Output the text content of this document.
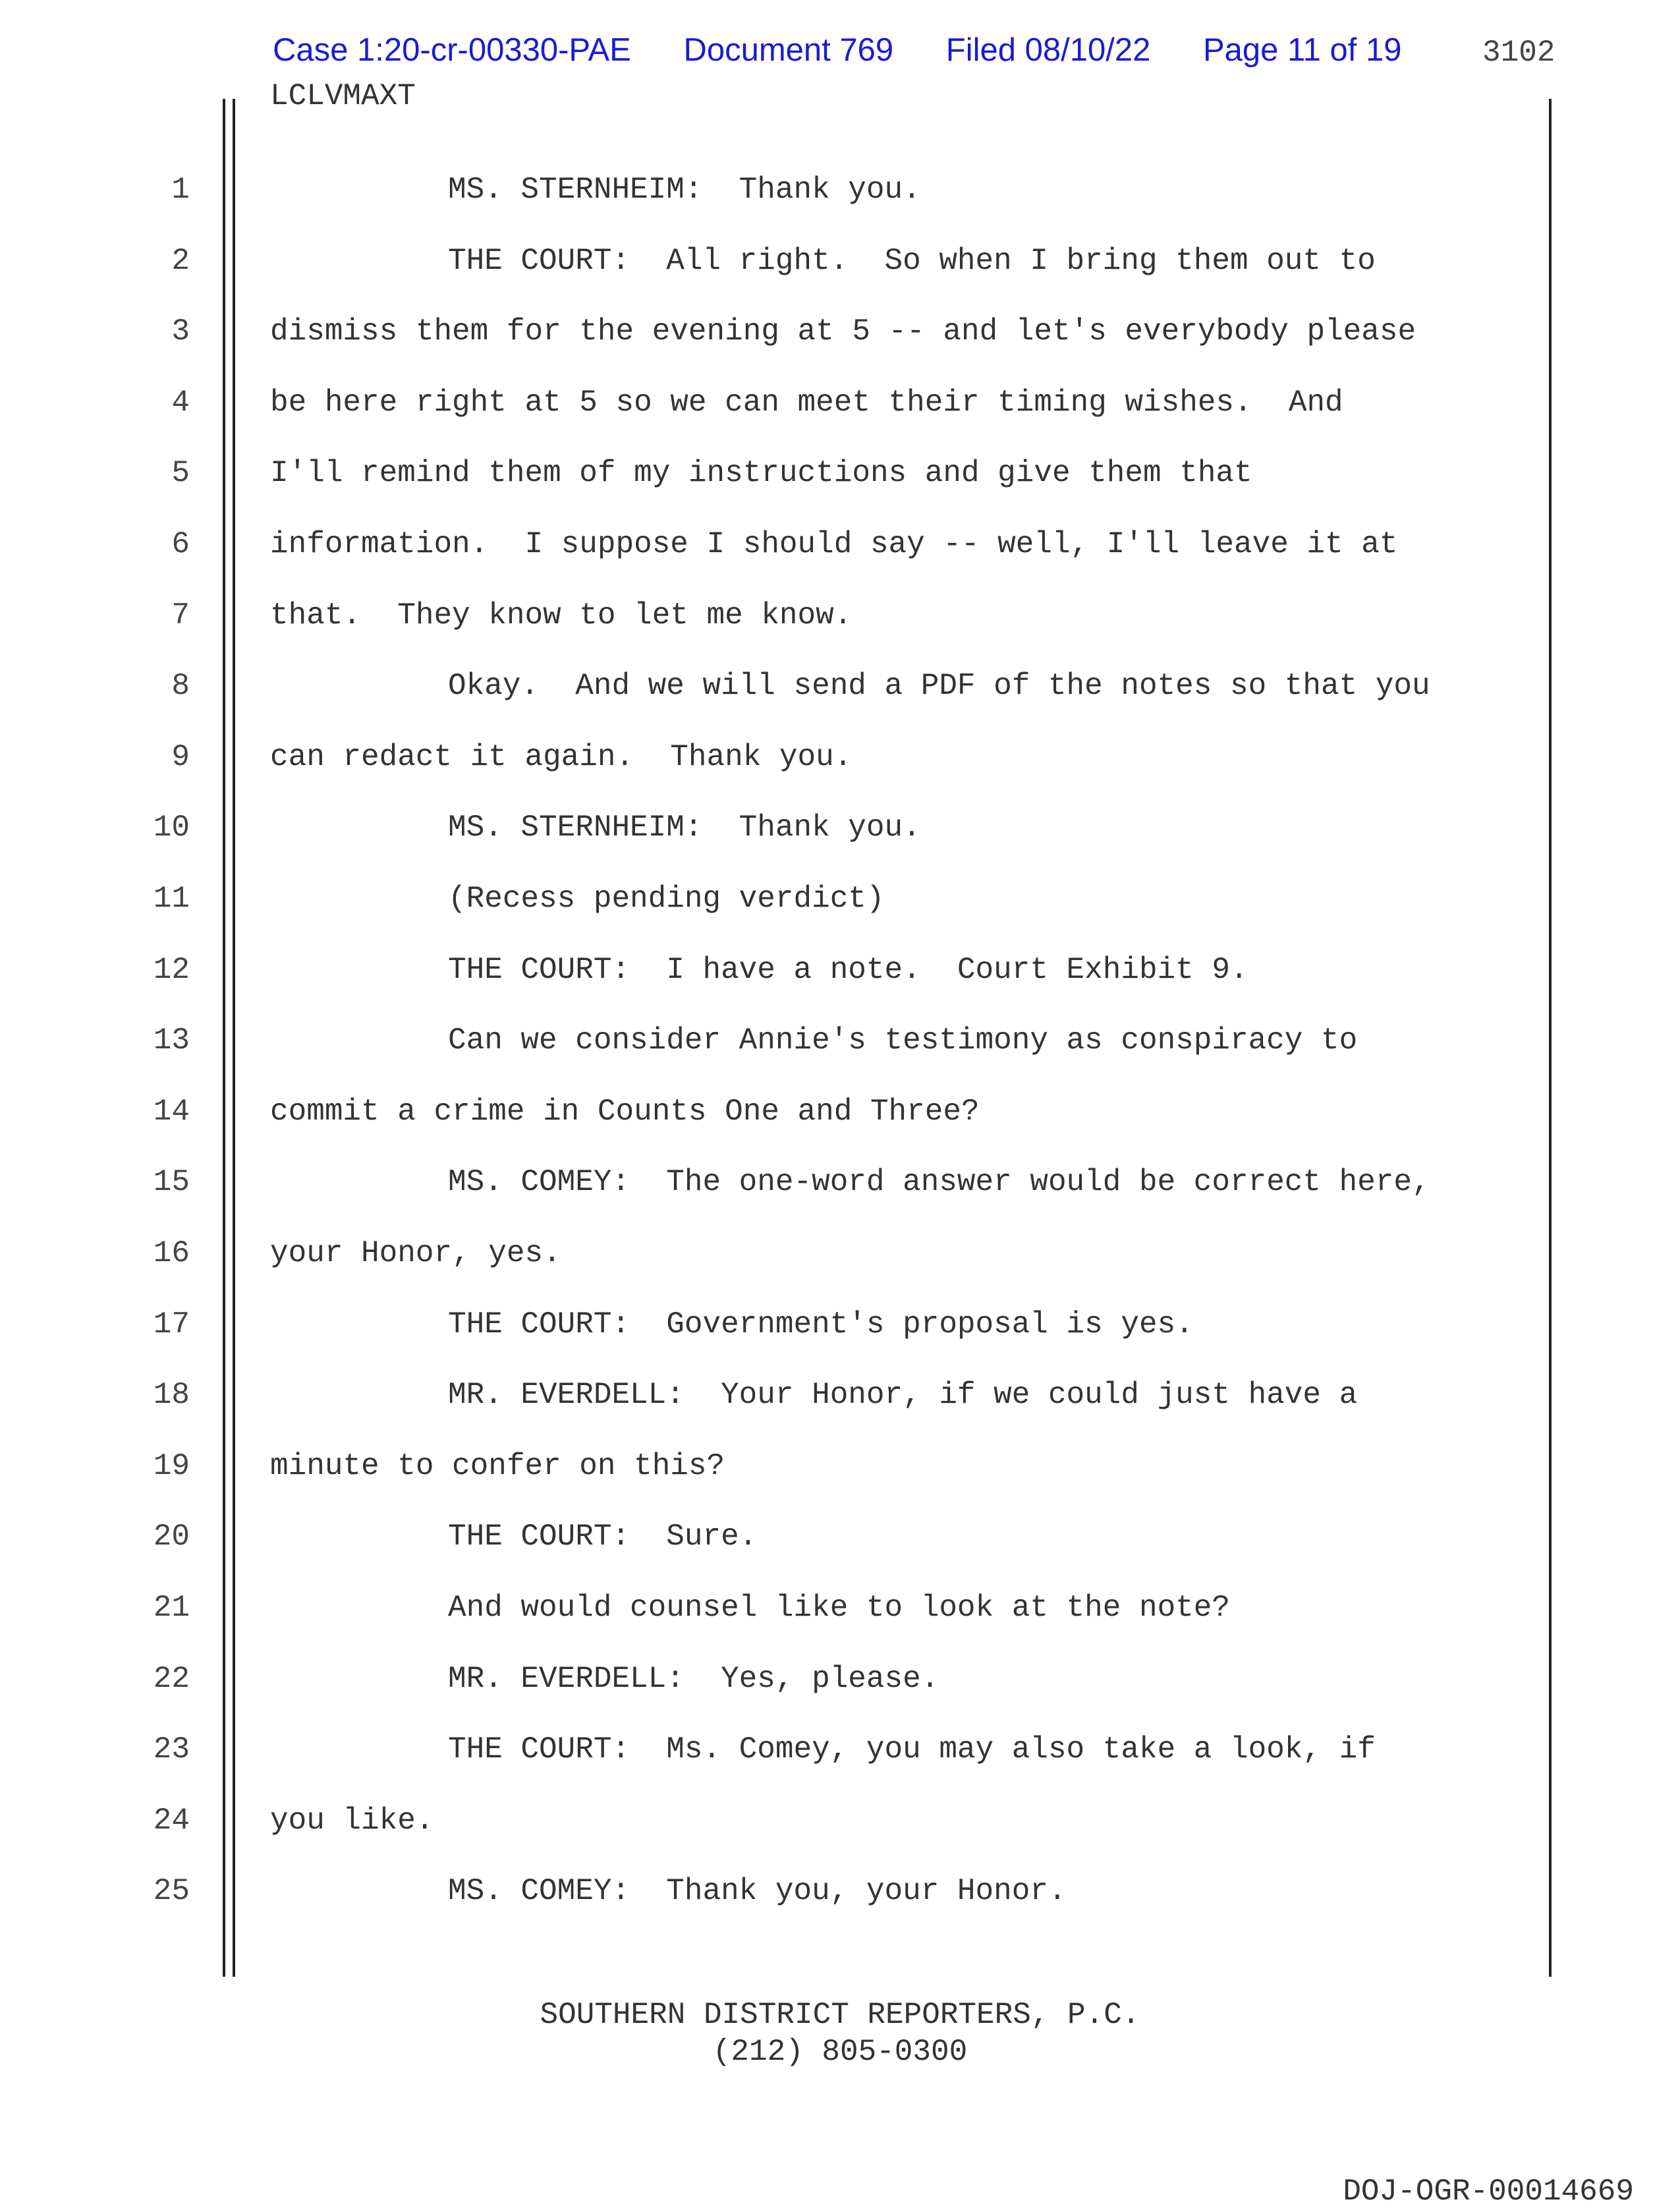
Case 1:20-cr-00330-PAE Document 769 Filed 08/10/22 Page 11 of 19	3102
LCLVMAXT
1	MS. STERNHEIM:  Thank you.
2	THE COURT:  All right.  So when I bring them out to
3	dismiss them for the evening at 5 -- and let's everybody please
4	be here right at 5 so we can meet their timing wishes.  And
5	I'll remind them of my instructions and give them that
6	information.  I suppose I should say -- well, I'll leave it at
7	that.  They know to let me know.
8	Okay.  And we will send a PDF of the notes so that you
9	can redact it again.  Thank you.
10	MS. STERNHEIM:  Thank you.
11	(Recess pending verdict)
12	THE COURT:  I have a note.  Court Exhibit 9.
13	Can we consider Annie's testimony as conspiracy to
14	commit a crime in Counts One and Three?
15	MS. COMEY:  The one-word answer would be correct here,
16	your Honor, yes.
17	THE COURT:  Government's proposal is yes.
18	MR. EVERDELL:  Your Honor, if we could just have a
19	minute to confer on this?
20	THE COURT:  Sure.
21	And would counsel like to look at the note?
22	MR. EVERDELL:  Yes, please.
23	THE COURT:  Ms. Comey, you may also take a look, if
24	you like.
25	MS. COMEY:  Thank you, your Honor.
SOUTHERN DISTRICT REPORTERS, P.C.
(212) 805-0300
DOJ-OGR-00014669
